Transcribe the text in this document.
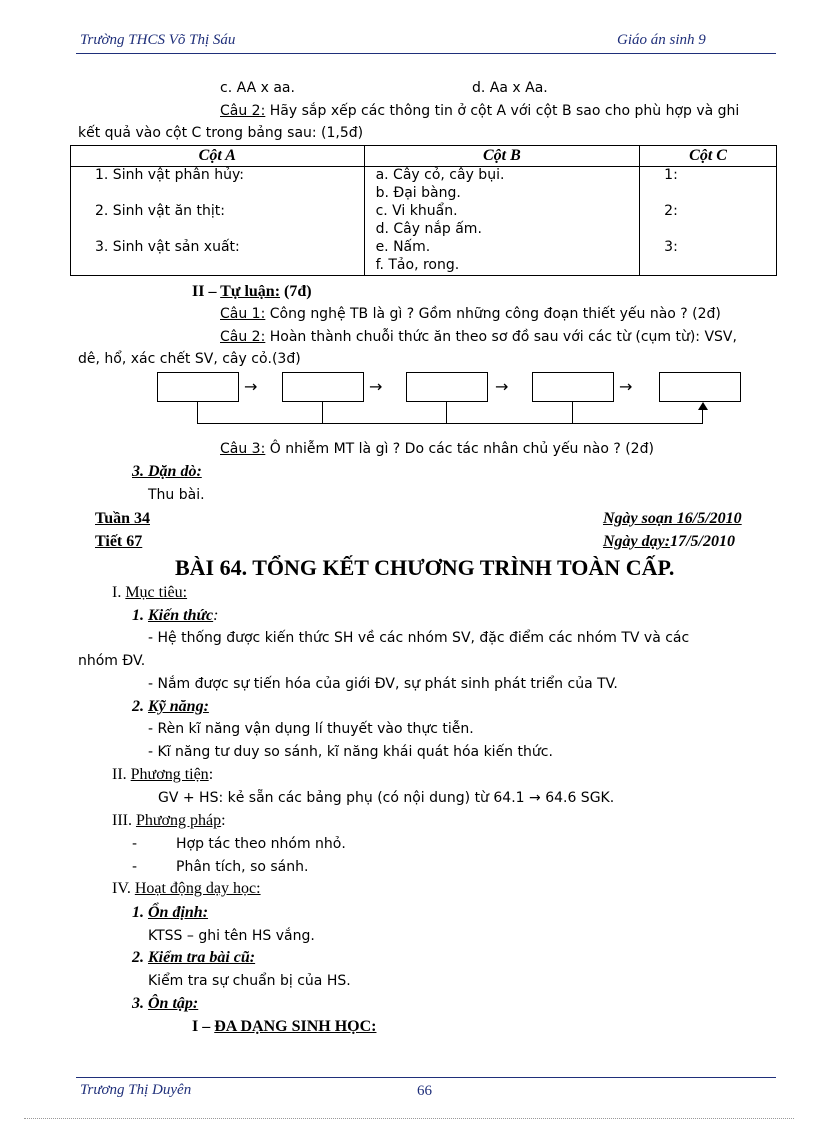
Trường THCS Võ Thị Sáu	Giáo án sinh 9
c. AA x aa.	d. Aa x Aa.
Câu 2: Hãy sắp xếp các thông tin ở cột A với cột B sao cho phù hợp và ghi
kết quả vào cột C trong bảng sau: (1,5đ)
Cột A	Cột B	Cột C
1. Sinh vật phân hủy:	a. Cây cỏ, cây bụi.	1:
	b. Đại bàng.	
2. Sinh vật ăn thịt:	c. Vi khuẩn.	2:
	d. Cây nắp ấm.	
3. Sinh vật sản xuất:	e. Nấm.	3:
	f. Tảo, rong.	
II – Tự luận: (7đ)
Câu 1: Công nghệ TB là gì ? Gồm những công đoạn thiết yếu nào ? (2đ)
Câu 2: Hoàn thành chuỗi thức ăn theo sơ đồ sau với các từ (cụm từ): VSV,
dê, hổ, xác chết SV, cây cỏ.(3đ)
→	→	→	→
Câu 3: Ô nhiễm MT là gì ? Do các tác nhân chủ yếu nào ? (2đ)
3. Dặn dò:
Thu bài.
Tuần 34
Tiết 67
Ngày soạn 16/5/2010
Ngày dạy:17/5/2010
BÀI 64. TỔNG KẾT CHƯƠNG TRÌNH TOÀN CẤP.
I. Mục tiêu:
1. Kiến thức:
- Hệ thống được kiến thức SH về các nhóm SV, đặc điểm các nhóm TV và các
nhóm ĐV.
- Nắm được sự tiến hóa của giới ĐV, sự phát sinh phát triển của TV.
2. Kỹ năng:
- Rèn kĩ năng vận dụng lí thuyết vào thực tiễn.
- Kĩ năng tư duy so sánh, kĩ năng khái quát hóa kiến thức.
II. Phương tiện:
GV + HS: kẻ sẵn các bảng phụ (có nội dung) từ 64.1 → 64.6 SGK.
III. Phương pháp:
-	Hợp tác theo nhóm nhỏ.
-	Phân tích, so sánh.
IV. Hoạt động dạy học:
1. Ổn định:
KTSS – ghi tên HS vắng.
2. Kiểm tra bài cũ:
Kiểm tra sự chuẩn bị của HS.
3. Ôn tập:
I – ĐA DẠNG SINH HỌC:
Trương Thị Duyên	66
